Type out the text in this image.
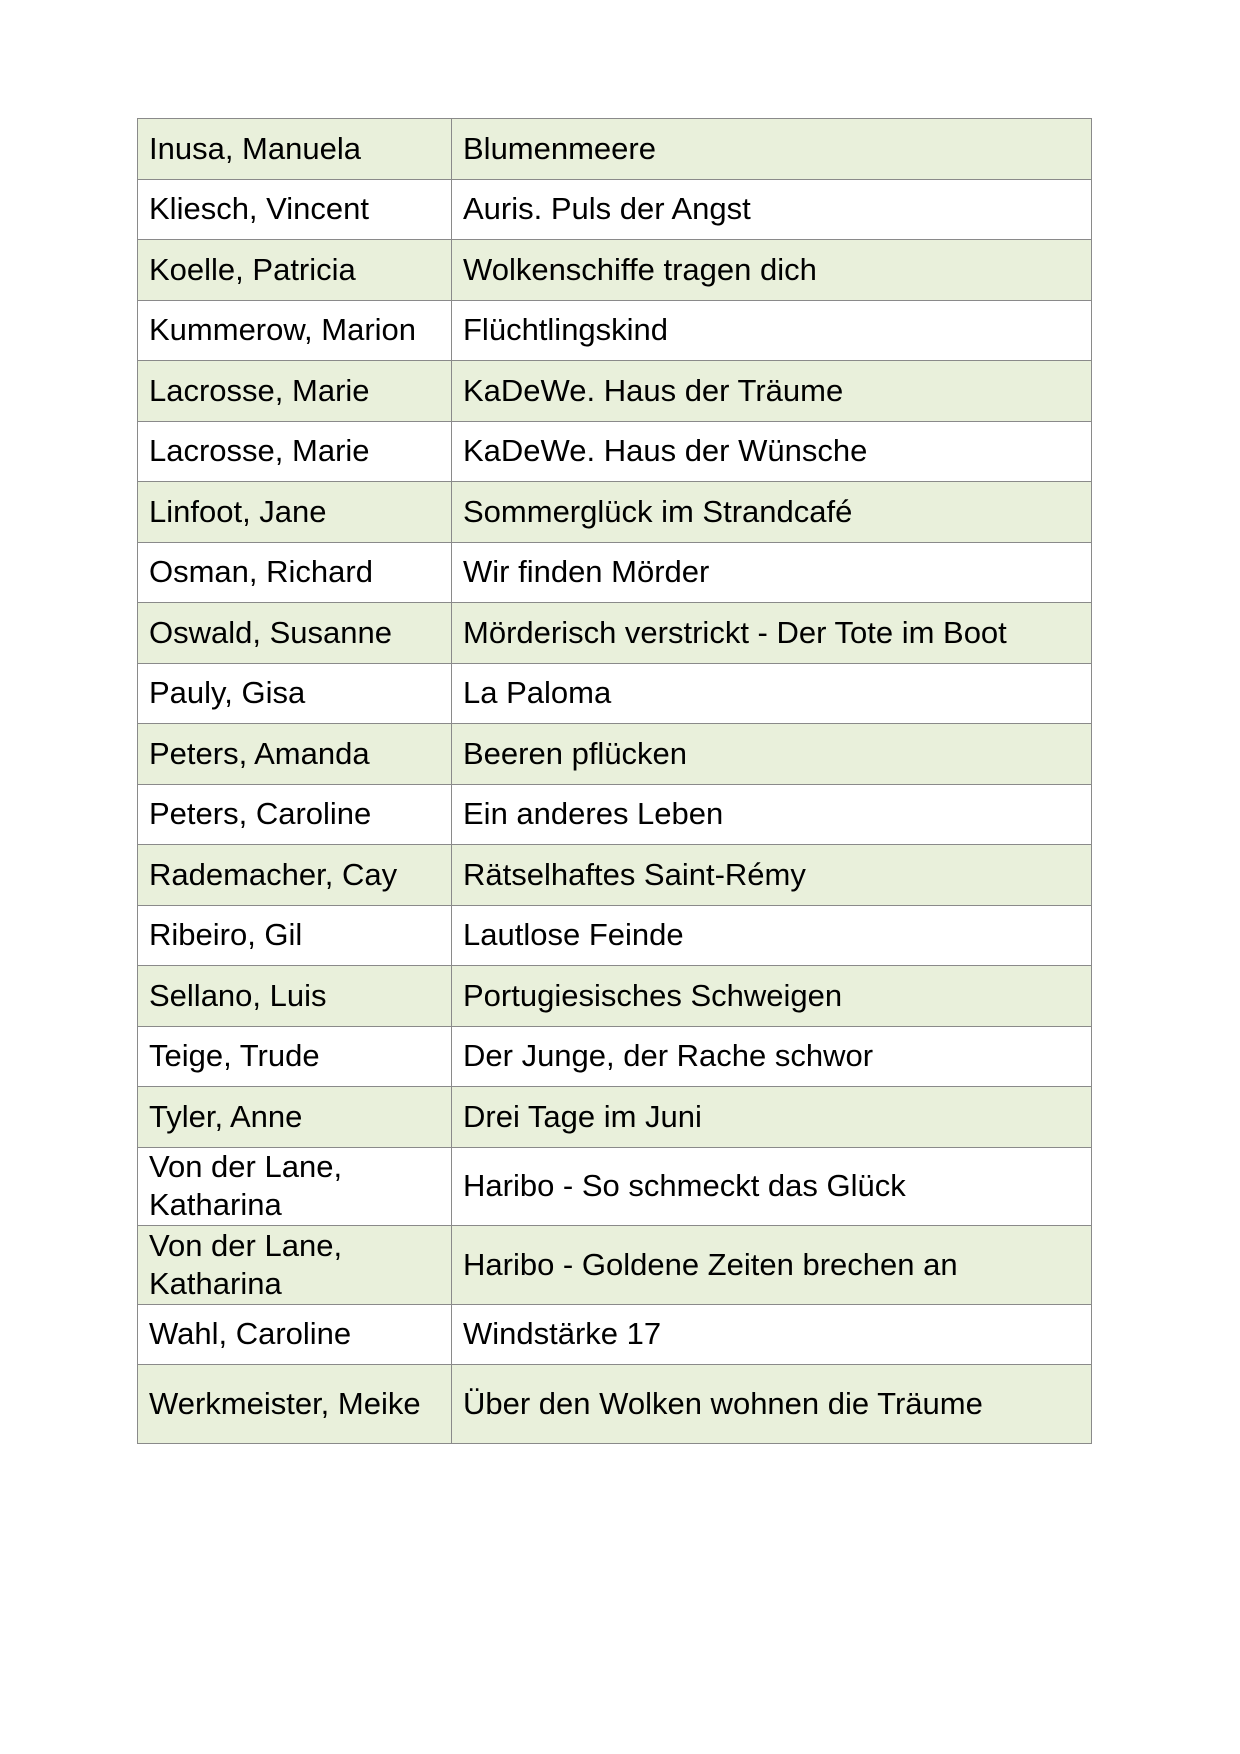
Inusa, Manuela	Blumenmeere
Kliesch, Vincent	Auris. Puls der Angst
Koelle, Patricia	Wolkenschiffe tragen dich
Kummerow, Marion	Flüchtlingskind
Lacrosse, Marie	KaDeWe. Haus der Träume
Lacrosse, Marie	KaDeWe. Haus der Wünsche
Linfoot, Jane	Sommerglück im Strandcafé
Osman, Richard	Wir finden Mörder
Oswald, Susanne	Mörderisch verstrickt - Der Tote im Boot
Pauly, Gisa	La Paloma
Peters, Amanda	Beeren pflücken
Peters, Caroline	Ein anderes Leben
Rademacher, Cay	Rätselhaftes Saint-Rémy
Ribeiro, Gil	Lautlose Feinde
Sellano, Luis	Portugiesisches Schweigen
Teige, Trude	Der Junge, der Rache schwor
Tyler, Anne	Drei Tage im Juni
Von der Lane, Katharina	Haribo - So schmeckt das Glück
Von der Lane, Katharina	Haribo - Goldene Zeiten brechen an
Wahl, Caroline	Windstärke 17
Werkmeister, Meike	Über den Wolken wohnen die Träume
